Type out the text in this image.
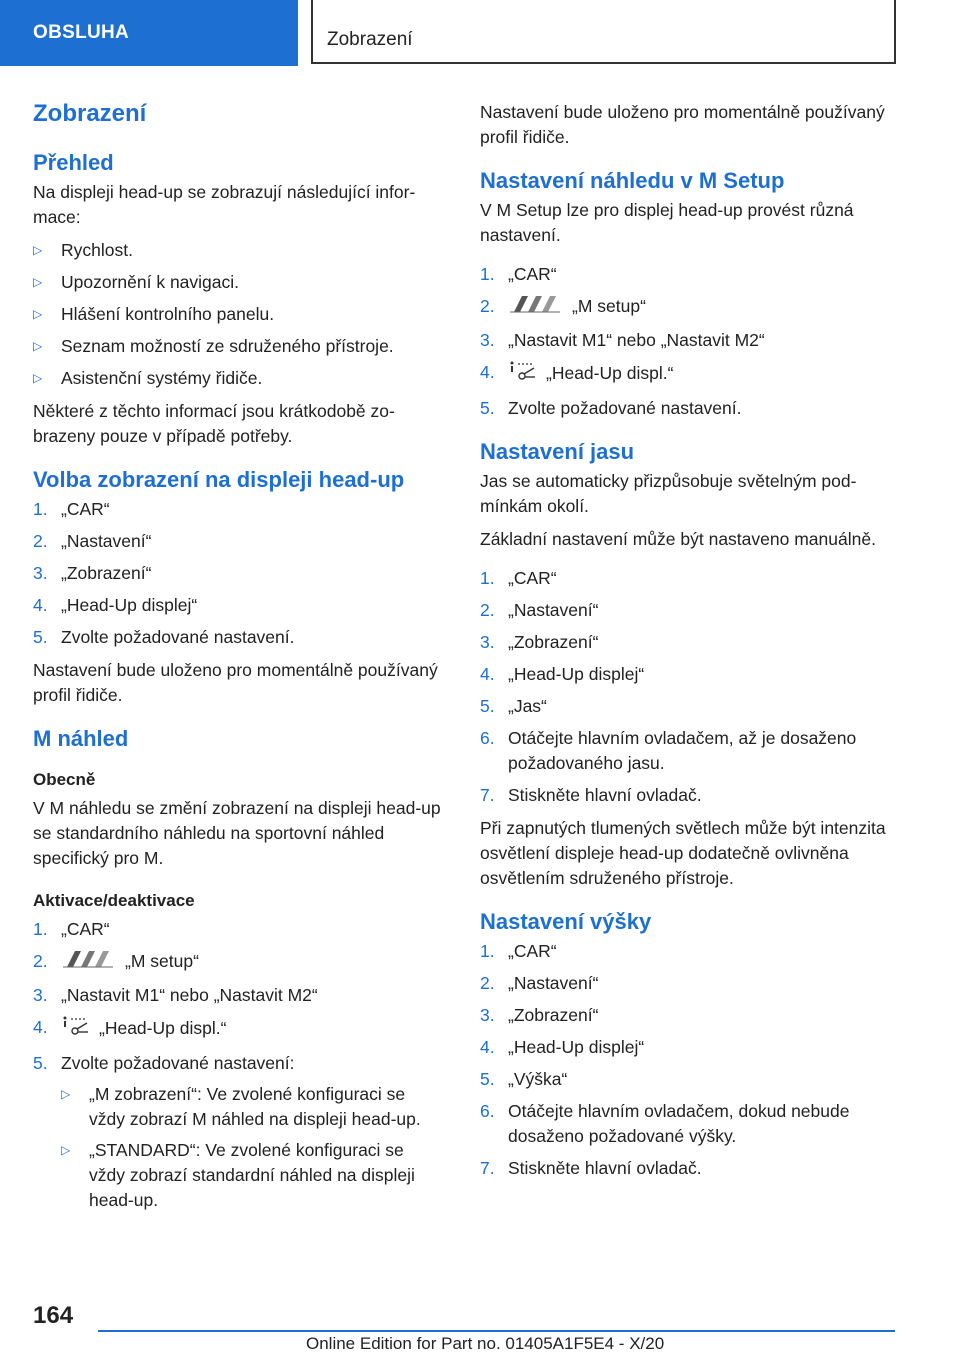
OBSLUHA	Zobrazení
Zobrazení
Přehled

Na displeji head-up se zobrazují následující informace:

▷ Rychlost.
▷ Upozornění k navigaci.
▷ Hlášení kontrolního panelu.
▷ Seznam možností ze sdruženého přístroje.
▷ Asistenční systémy řidiče.

Některé z těchto informací jsou krátkodobě zobrazeny pouze v případě potřeby.

Volba zobrazení na displeji head-up
1. „CAR“
2. „Nastavení“
3. „Zobrazení“
4. „Head-Up displej“
5. Zvolte požadované nastavení.

Nastavení bude uloženo pro momentálně používaný profil řidiče.

M náhled
Obecně

V M náhledu se změní zobrazení na displeji head-up se standardního náhledu na sportovní náhled specifický pro M.

Aktivace/deaktivace
1. „CAR“
2.	„M setup“
3. „Nastavit M1“ nebo „Nastavit M2“
4.	„Head-Up displ.“
5. Zvolte požadované nastavení:
▷ „M zobrazení“: Ve zvolené konfiguraci se vždy zobrazí M náhled na displeji head-up.
▷ „STANDARD“: Ve zvolené konfiguraci se vždy zobrazí standardní náhled na displeji head-up.

Nastavení bude uloženo pro momentálně používaný profil řidiče.

Nastavení náhledu v M Setup

V M Setup lze pro displej head-up provést různá nastavení.

1. „CAR“
2.	„M setup“
3. „Nastavit M1“ nebo „Nastavit M2“
4.	„Head-Up displ.“
5. Zvolte požadované nastavení.
Nastavení jasu

Jas se automaticky přizpůsobuje světelným podmínkám okolí.

Základní nastavení může být nastaveno manuálně.

1. „CAR“
2. „Nastavení“
3. „Zobrazení“
4. „Head-Up displej“
5. „Jas“
6. Otáčejte hlavním ovladačem, až je dosaženo požadovaného jasu.
7. Stiskněte hlavní ovladač.

Při zapnutých tlumených světlech může být intenzita osvětlení displeje head-up dodatečně ovlivněna osvětlením sdruženého přístroje.

Nastavení výšky
1. „CAR“
2. „Nastavení“
3. „Zobrazení“
4. „Head-Up displej“
5. „Výška“
6. Otáčejte hlavním ovladačem, dokud nebude dosaženo požadované výšky.
7. Stiskněte hlavní ovladač.
164
Online Edition for Part no. 01405A1F5E4 - X/20
